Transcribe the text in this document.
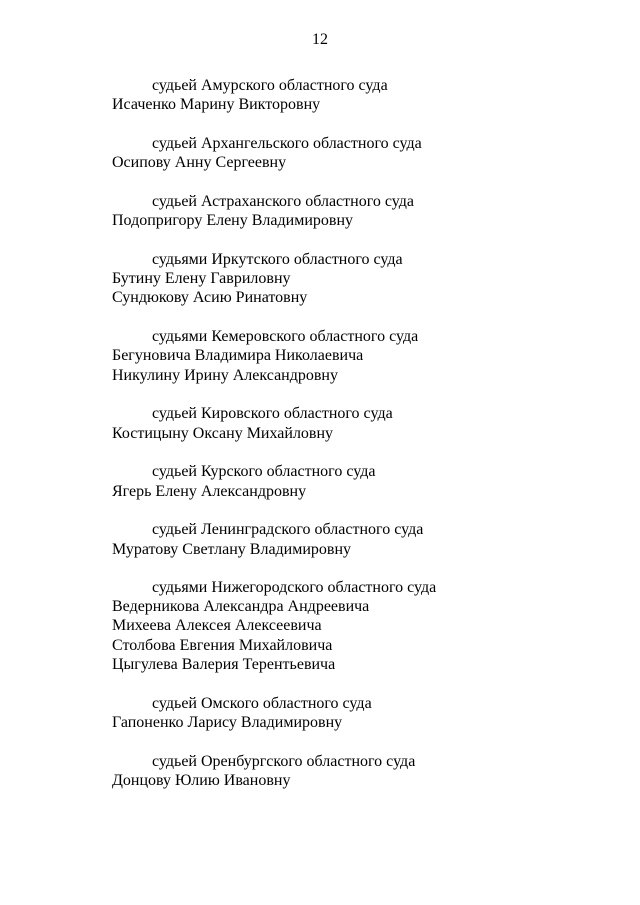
12
судьей Амурского областного суда
Исаченко Марину Викторовну
судьей Архангельского областного суда
Осипову Анну Сергеевну
судьей Астраханского областного суда
Подопригору Елену Владимировну
судьями Иркутского областного суда
Бутину Елену Гавриловну
Сундюкову Асию Ринатовну
судьями Кемеровского областного суда
Бегуновича Владимира Николаевича
Никулину Ирину Александровну
судьей Кировского областного суда
Костицыну Оксану Михайловну
судьей Курского областного суда
Ягерь Елену Александровну
судьей Ленинградского областного суда
Муратову Светлану Владимировну
судьями Нижегородского областного суда
Ведерникова Александра Андреевича
Михеева Алексея Алексеевича
Столбова Евгения Михайловича
Цыгулева Валерия Терентьевича
судьей Омского областного суда
Гапоненко Ларису Владимировну
судьей Оренбургского областного суда
Донцову Юлию Ивановну
